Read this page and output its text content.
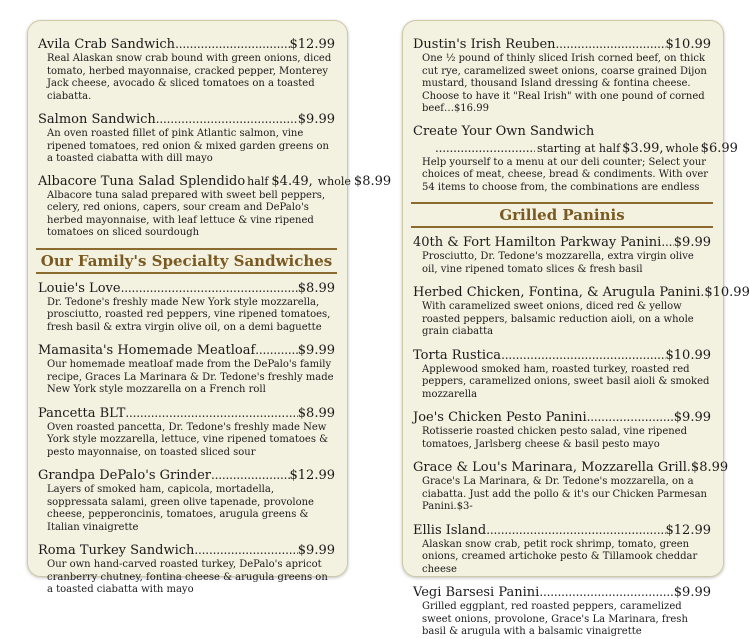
Avila Crab Sandwich . . .	$12.99
Real Alaskan snow crab bound with green onions, diced tomato, herbed mayonnaise, cracked pepper, Monterey Jack cheese, avocado & sliced tomatoes on a toasted ciabatta.
Salmon Sandwich . . .	$9.99
An oven roasted fillet of pink Atlantic salmon, vine ripened tomatoes, red onion & mixed garden greens on a toasted ciabatta with dill mayo
Albacore Tuna Salad Splendido half $4.49, whole $8.99
Albacore tuna salad prepared with sweet bell peppers, celery, red onions, capers, sour cream and DePalo's herbed mayonnaise, with leaf lettuce & vine ripened tomatoes on sliced sourdough
Our Family's Specialty Sandwiches
Louie's Love . . .	$8.99
Dr. Tedone's freshly made New York style mozzarella, prosciutto, roasted red peppers, vine ripened tomatoes, fresh basil & extra virgin olive oil, on a demi baguette
Mamasita's Homemade Meatloaf . . .	$9.99
Our homemade meatloaf made from the DePalo's family recipe, Graces La Marinara & Dr. Tedone's freshly made New York style mozzarella on a French roll
Pancetta BLT . . .	$8.99
Oven roasted pancetta, Dr. Tedone's freshly made New York style mozzarella, lettuce, vine ripened tomatoes & pesto mayonnaise, on toasted sliced sour
Grandpa DePalo's Grinder . . .	$12.99
Layers of smoked ham, capicola, mortadella, soppressata salami, green olive tapenade, provolone cheese, pepperoncinis, tomatoes, arugula greens & Italian vinaigrette
Roma Turkey Sandwich . . .	$9.99
Our own hand-carved roasted turkey, DePalo's apricot cranberry chutney, fontina cheese & arugula greens on a toasted ciabatta with mayo
Dustin's Irish Reuben . . .	$10.99
One ½ pound of thinly sliced Irish corned beef, on thick cut rye, caramelized sweet onions, coarse grained Dijon mustard, thousand Island dressing & fontina cheese. Choose to have it "Real Irish" with one pound of corned beef…$16.99
Create Your Own Sandwich
. . .
starting at half $3.99, whole $6.99
Help yourself to a menu at our deli counter; Select your choices of meat, cheese, bread & condiments. With over 54 items to choose from, the combinations are endless
Grilled Paninis
40th & Fort Hamilton Parkway Panini . . . $9.99
Prosciutto, Dr. Tedone's mozzarella, extra virgin olive oil, vine ripened tomato slices & fresh basil
Herbed Chicken, Fontina, & Arugula Panini . . . $10.99
With caramelized sweet onions, diced red & yellow roasted peppers, balsamic reduction aioli, on a whole grain ciabatta
Torta Rustica . . .	$10.99
Applewood smoked ham, roasted turkey, roasted red peppers, caramelized onions, sweet basil aioli & smoked mozzarella
Joe's Chicken Pesto Panini . . .	$9.99
Rotisserie roasted chicken pesto salad, vine ripened tomatoes, Jarlsberg cheese & basil pesto mayo
Grace & Lou's Marinara, Mozzarella Grill . . . $8.99
Grace's La Marinara, & Dr. Tedone's mozzarella, on a ciabatta. Just add the pollo & it's our Chicken Parmesan Panini.$3-
Ellis Island . . .	$12.99
Alaskan snow crab, petit rock shrimp, tomato, green onions, creamed artichoke pesto & Tillamook cheddar cheese
Vegi Barsesi Panini . . .	$9.99
Grilled eggplant, red roasted peppers, caramelized sweet onions, provolone, Grace's La Marinara, fresh basil & arugula with a balsamic vinaigrette
